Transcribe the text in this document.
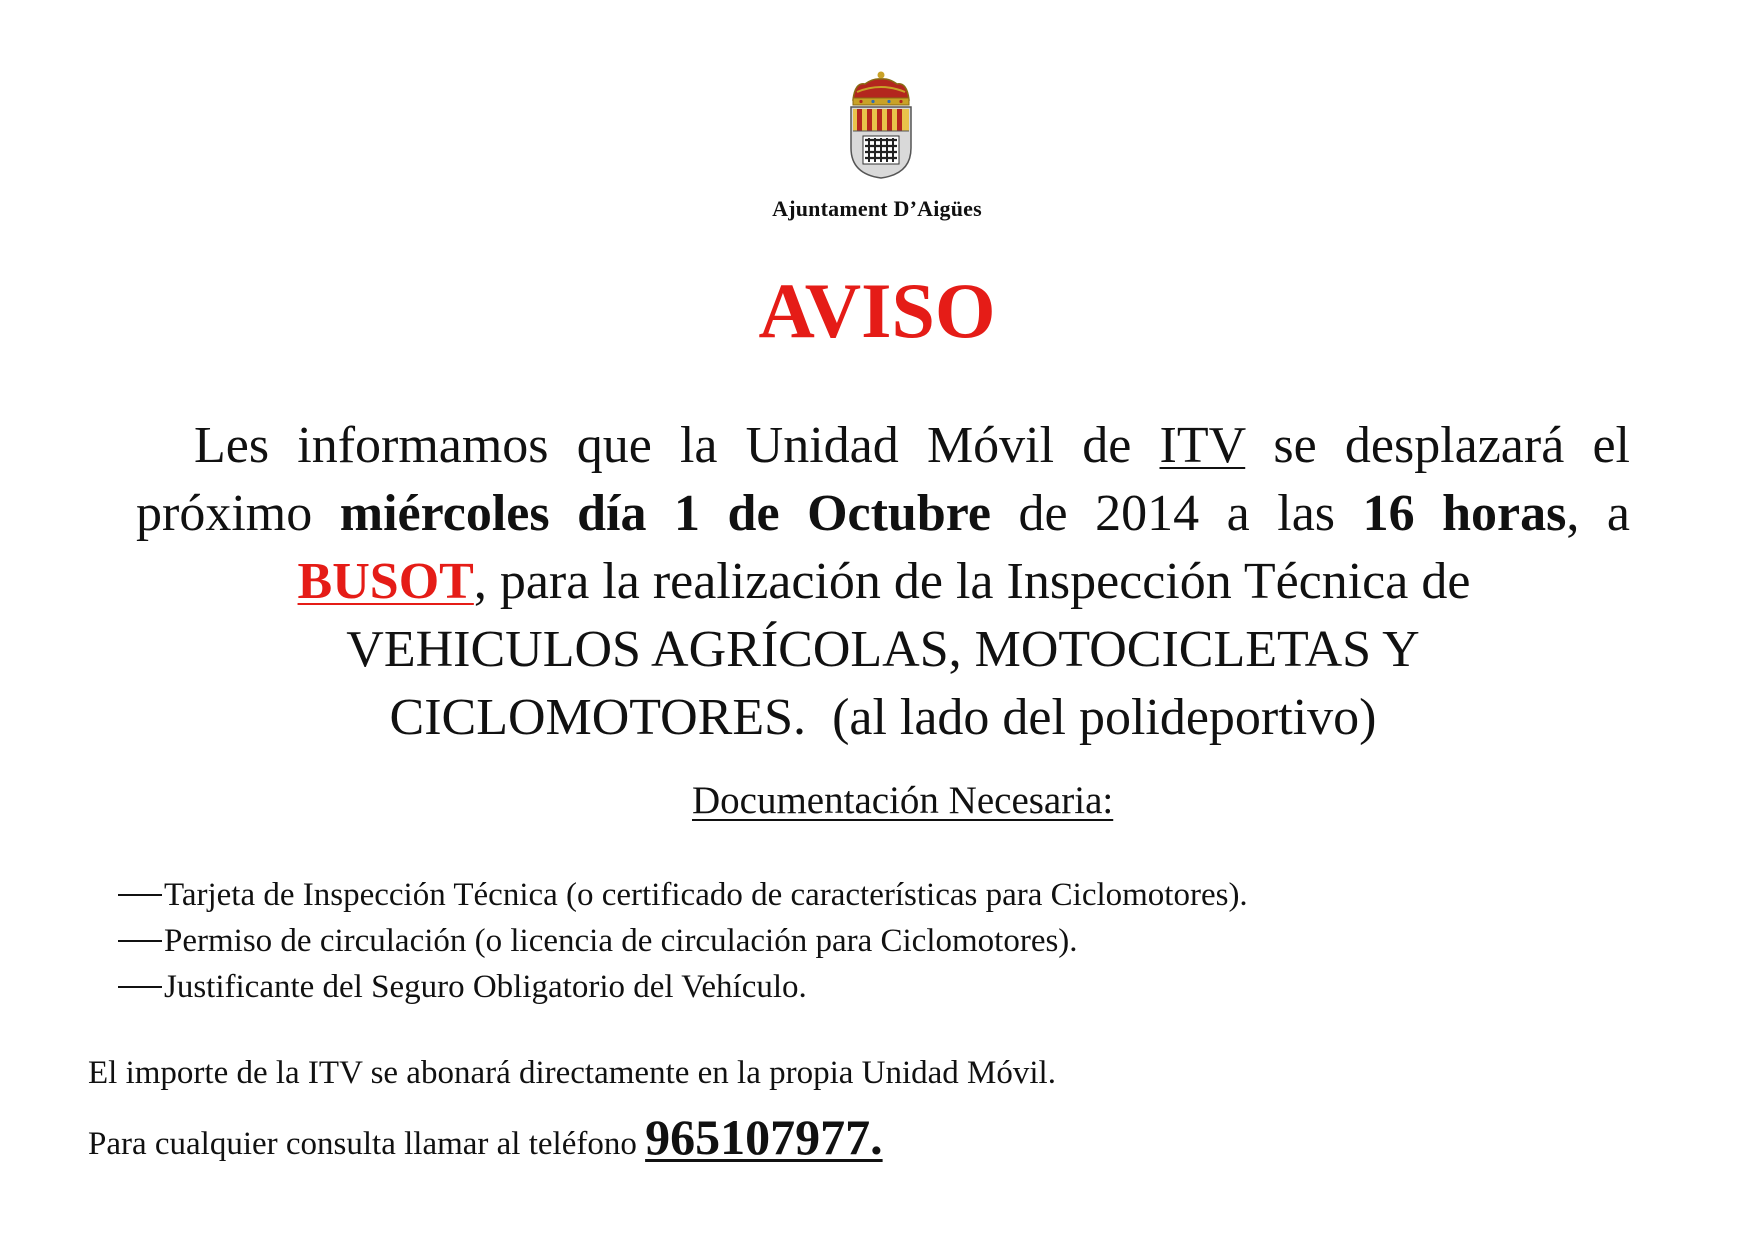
Ajuntament D’Aigües
AVISO
Les informamos que la Unidad Móvil de ITV se desplazará el
próximo miércoles día 1 de Octubre de 2014 a las 16 horas, a
BUSOT, para la realización de la Inspección Técnica de
VEHICULOS AGRÍCOLAS, MOTOCICLETAS Y
CICLOMOTORES. (al lado del polideportivo)
Documentación Necesaria:
Tarjeta de Inspección Técnica (o certificado de características para Ciclomotores).
Permiso de circulación (o licencia de circulación para Ciclomotores).
Justificante del Seguro Obligatorio del Vehículo.
El importe de la ITV se abonará directamente en la propia Unidad Móvil.
Para cualquier consulta llamar al teléfono 965107977.
